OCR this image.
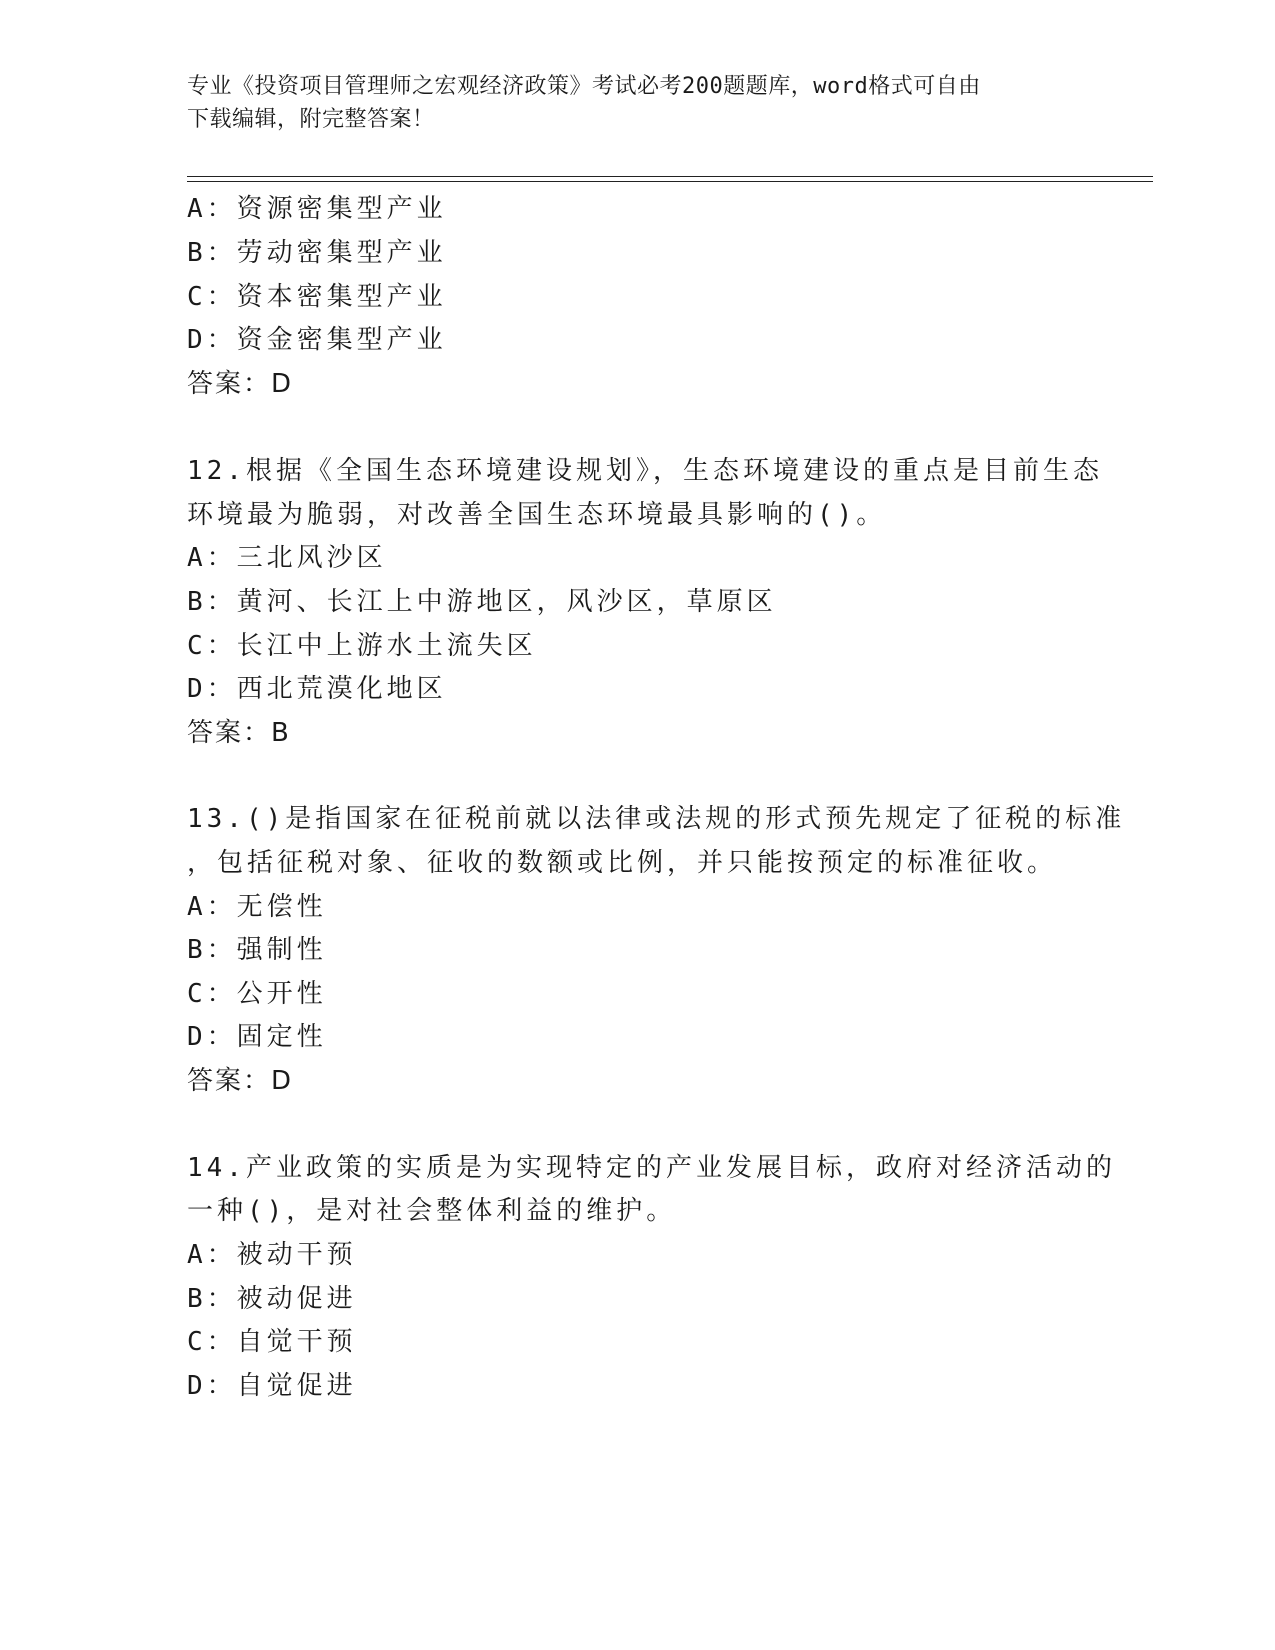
专业《投资项目管理师之宏观经济政策》考试必考200题题库，word格式可自由
下载编辑，附完整答案！
A：资源密集型产业
B：劳动密集型产业
C：资本密集型产业
D：资金密集型产业
答案：D
12.根据《全国生态环境建设规划》，生态环境建设的重点是目前生态
环境最为脆弱，对改善全国生态环境最具影响的()。
A：三北风沙区
B：黄河、长江上中游地区，风沙区，草原区
C：长江中上游水土流失区
D：西北荒漠化地区
答案：B
13.()是指国家在征税前就以法律或法规的形式预先规定了征税的标准
，包括征税对象、征收的数额或比例，并只能按预定的标准征收。
A：无偿性
B：强制性
C：公开性
D：固定性
答案：D
14.产业政策的实质是为实现特定的产业发展目标，政府对经济活动的
一种()，是对社会整体利益的维护。
A：被动干预
B：被动促进
C：自觉干预
D：自觉促进
